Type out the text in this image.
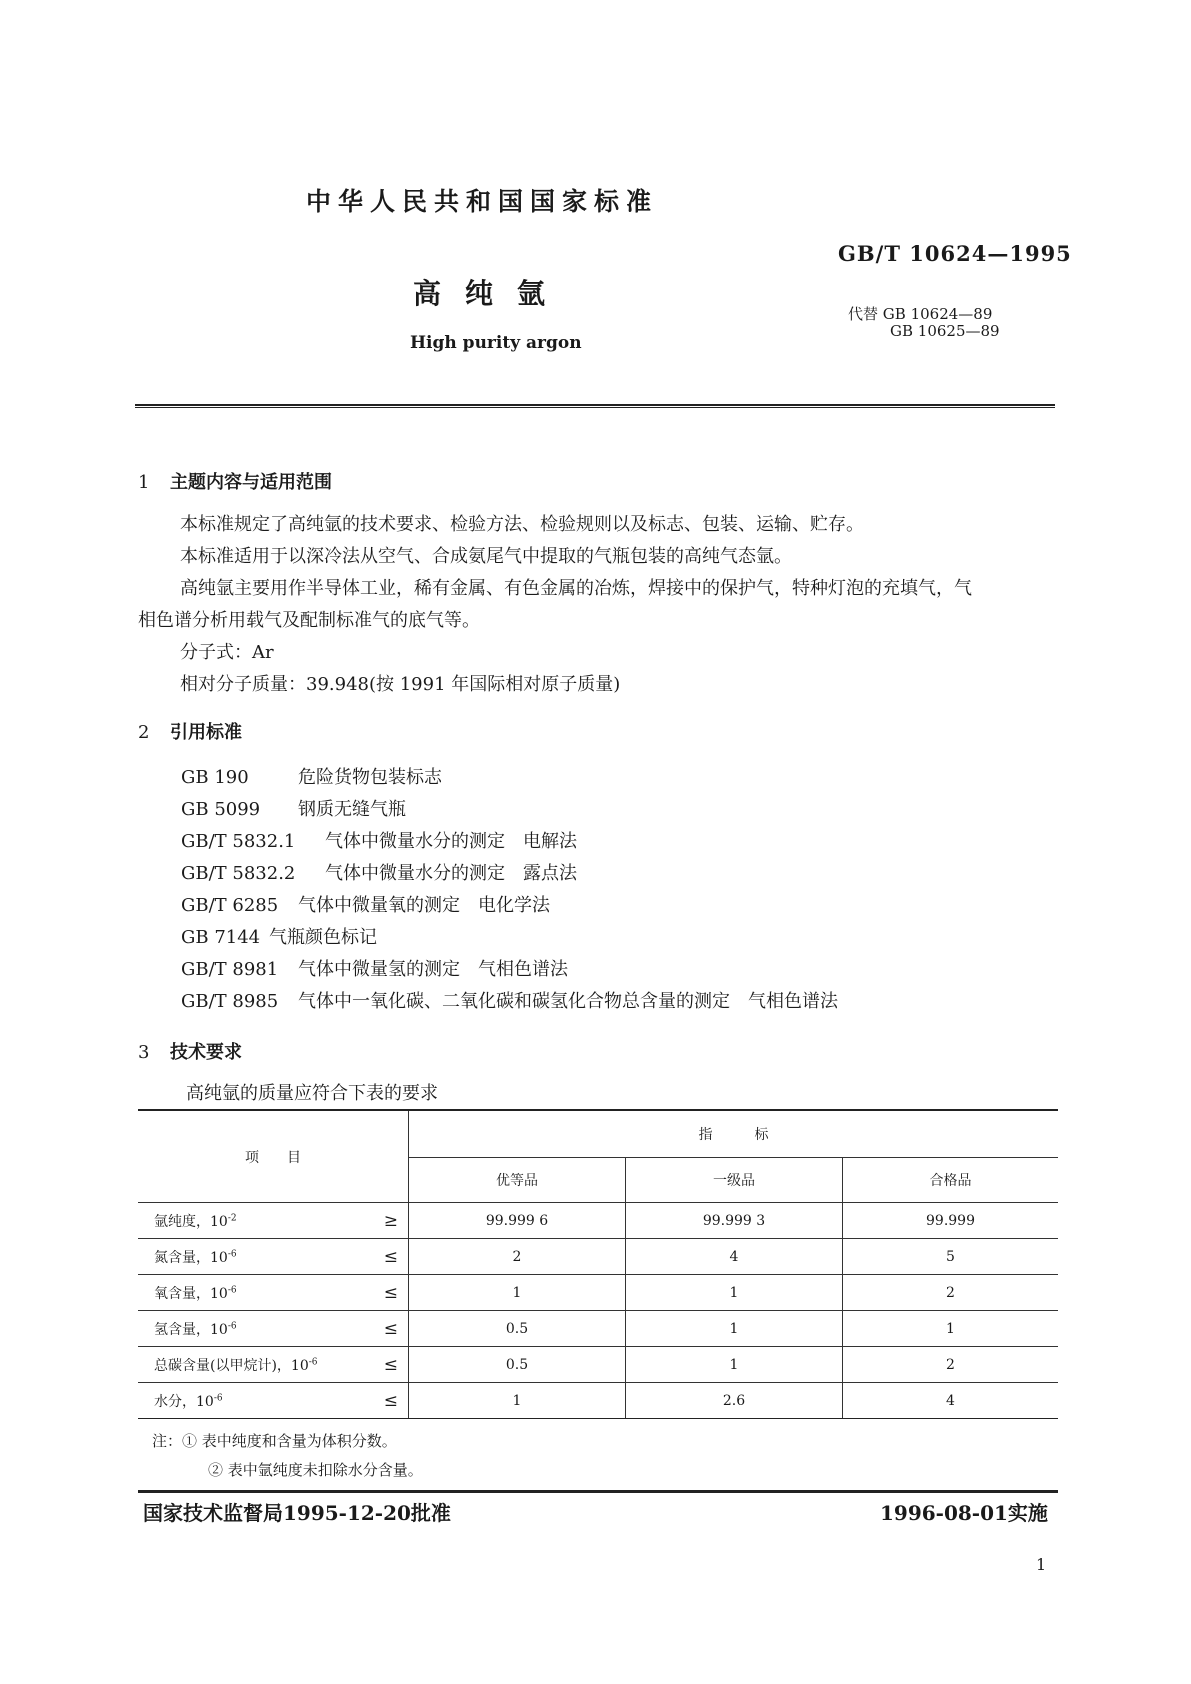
中华人民共和国国家标准
GB/T 10624—1995
高纯氩
代替 GB 10624—89
GB 10625—89
High purity argon
1 主题内容与适用范围
本标准规定了高纯氩的技术要求、检验方法、检验规则以及标志、包装、运输、贮存。
本标准适用于以深冷法从空气、合成氨尾气中提取的气瓶包装的高纯气态氩。
高纯氩主要用作半导体工业，稀有金属、有色金属的冶炼，焊接中的保护气，特种灯泡的充填气，气
相色谱分析用载气及配制标准气的底气等。
分子式：Ar
相对分子质量：39.948(按 1991 年国际相对原子质量)
2 引用标准
GB 190	危险货物包装标志
GB 5099 钢质无缝气瓶
GB/T 5832.1 气体中微量水分的测定　电解法
GB/T 5832.2 气体中微量水分的测定　露点法
GB/T 6285 气体中微量氧的测定　电化学法
GB 7144 气瓶颜色标记
GB/T 8981 气体中微量氢的测定　气相色谱法
GB/T 8985 气体中一氧化碳、二氧化碳和碳氢化合物总含量的测定　气相色谱法
3 技术要求
高纯氩的质量应符合下表的要求
项　　目	指　　　标		
	优等品	一级品	合格品
氩纯度，$10^{-2}$ ≥	99.999 6	99.999 3	99.999
氮含量，$10^{-6}$ ≤	2	4	5
氧含量，$10^{-6}$ ≤	1	1	2
氢含量，$10^{-6}$ ≤	0.5	1	1
总碳含量(以甲烷计)，$10^{-6}$ ≤	0.5	1	2
水分，$10^{-6}$ ≤	1	2.6	4
注：① 表中纯度和含量为体积分数。
② 表中氩纯度未扣除水分含量。
国家技术监督局1995-12-20批准	1996-08-01实施
1
